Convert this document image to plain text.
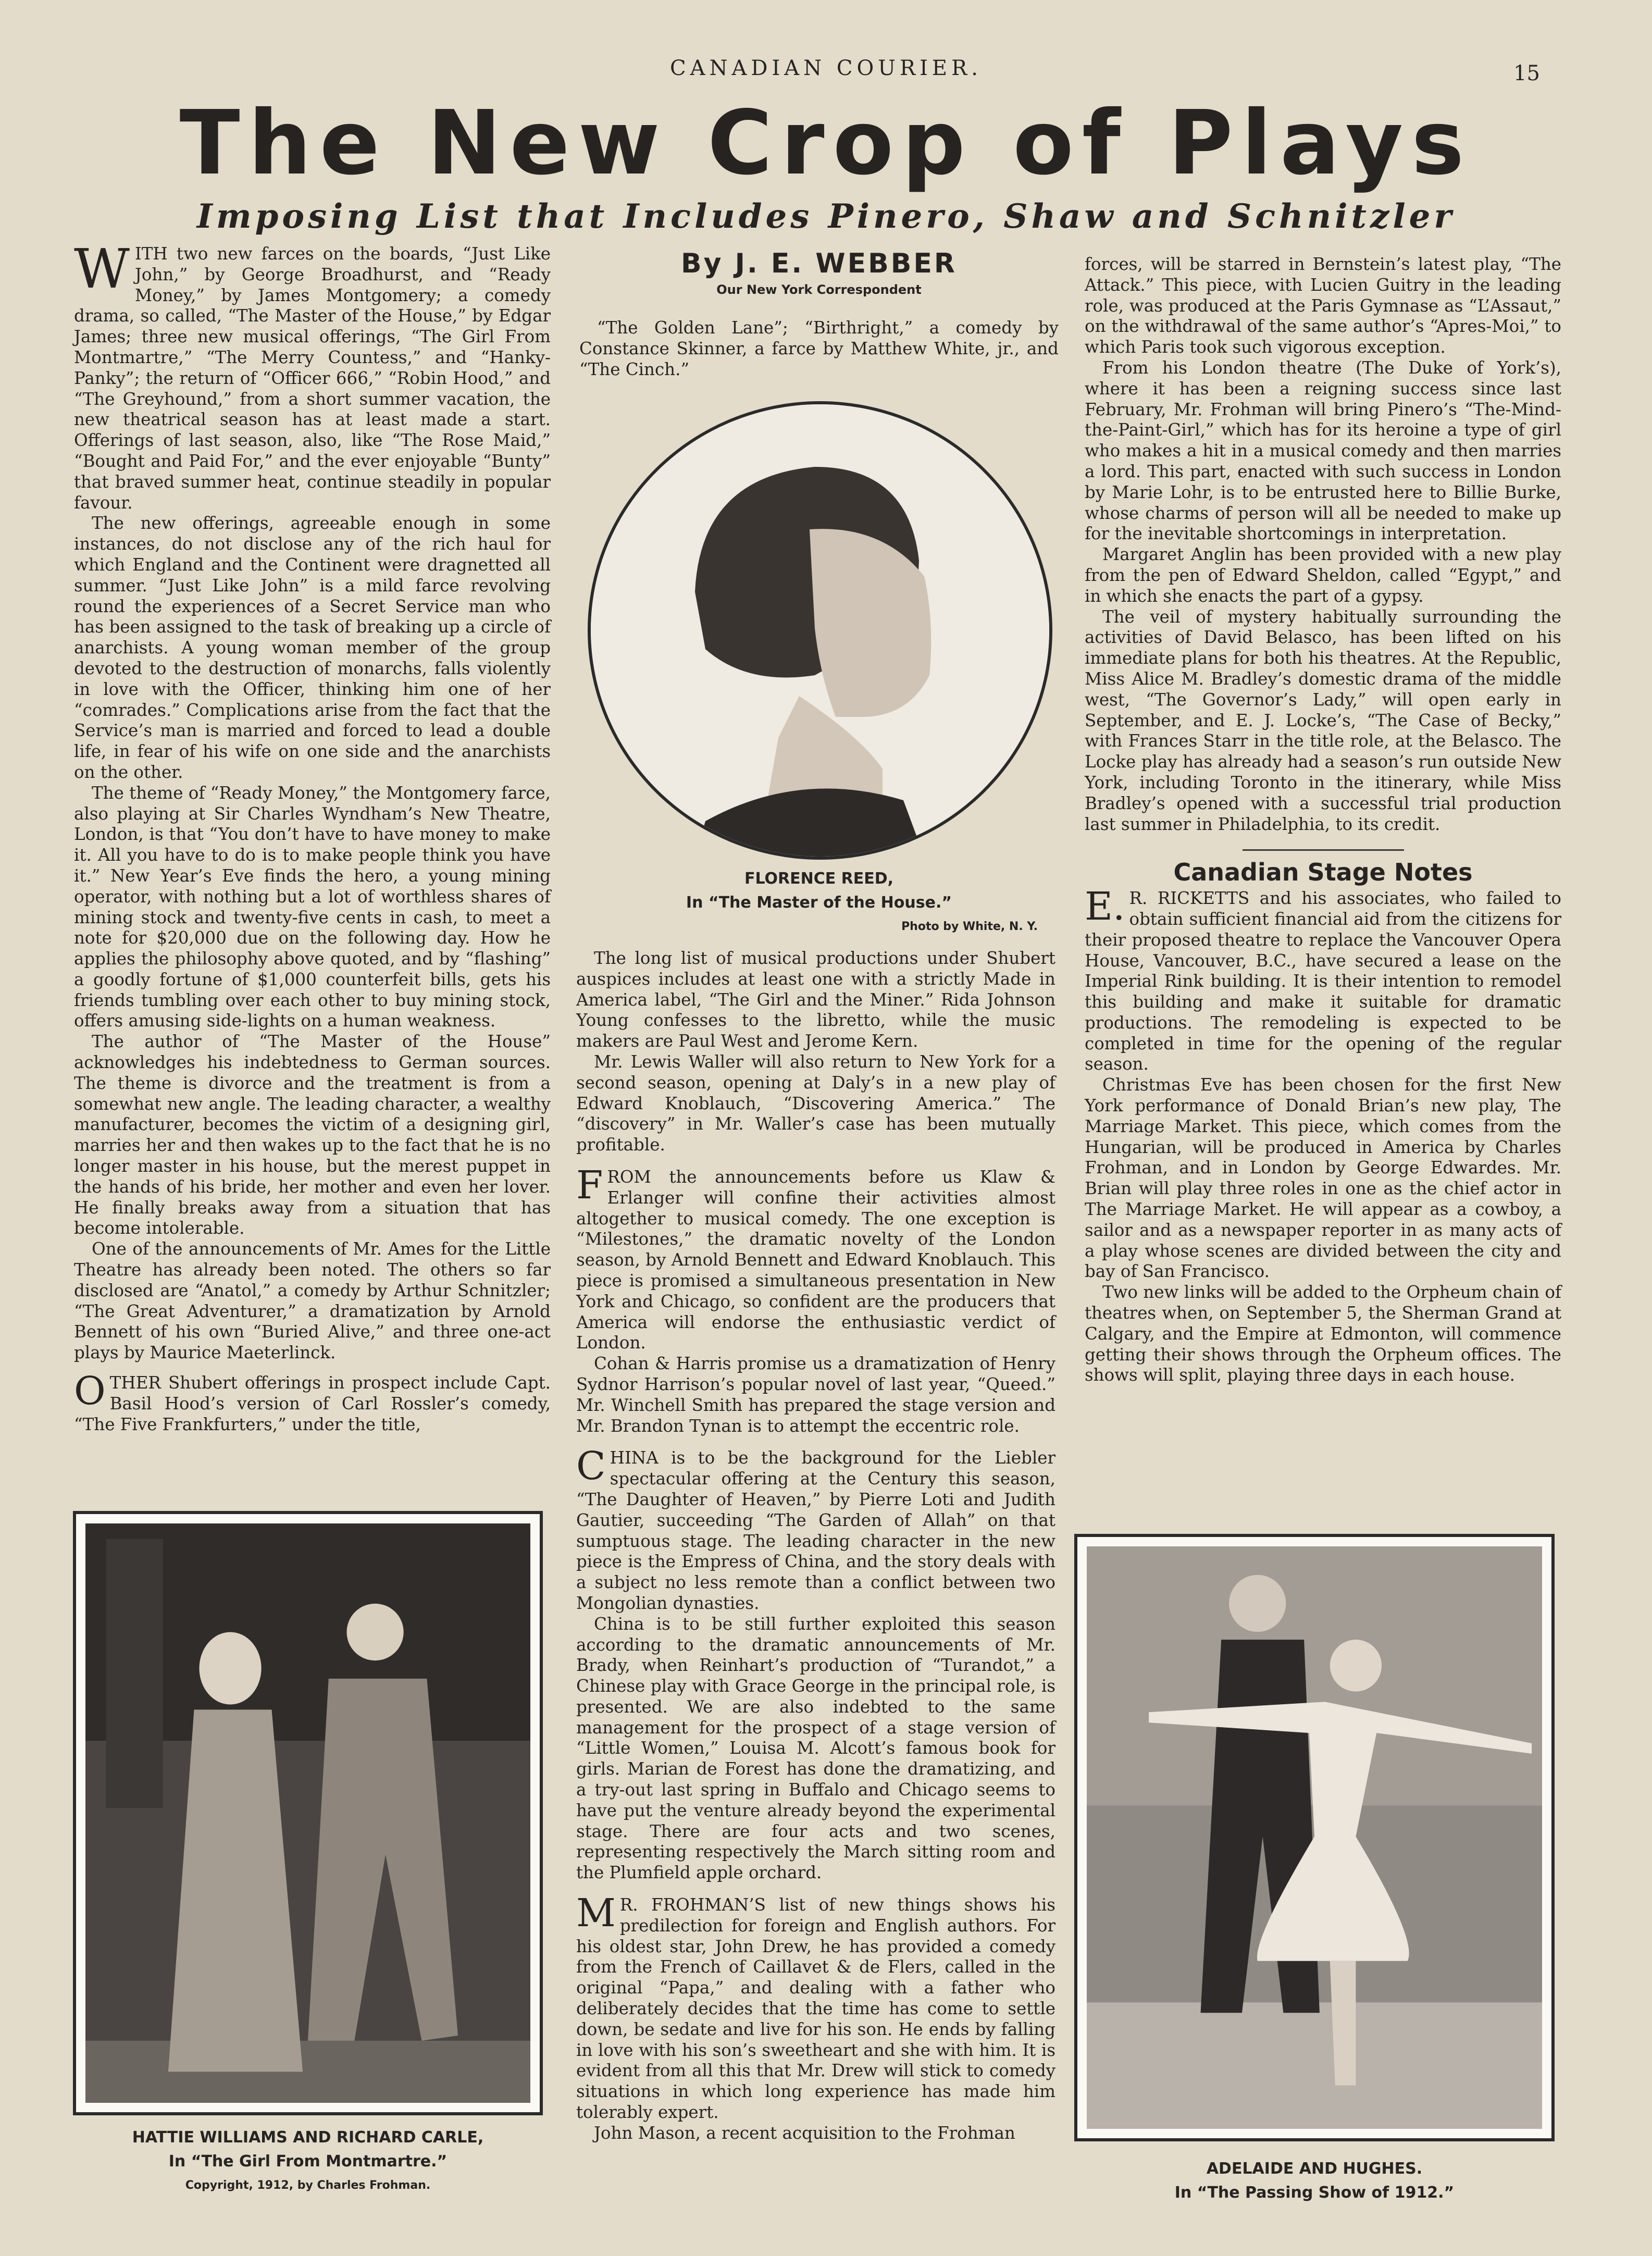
CANADIAN COURIER.	15
The New Crop of Plays
Imposing List that Includes Pinero, Shaw and Schnitzler

WITH two new farces on the boards, “Just Like John,” by George Broadhurst, and “Ready Money,” by James Montgomery; a comedy drama, so called, “The Master of the House,” by Edgar James; three new musical offerings, “The Girl From Montmartre,” “The Merry Countess,” and “Hanky-Panky”; the return of “Officer 666,” “Robin Hood,” and “The Greyhound,” from a short summer vacation, the new theatrical season has at least made a start. Offerings of last season, also, like “The Rose Maid,” “Bought and Paid For,” and the ever enjoyable “Bunty” that braved summer heat, continue steadily in popular favour.

The new offerings, agreeable enough in some instances, do not disclose any of the rich haul for which England and the Continent were dragnetted all summer. “Just Like John” is a mild farce revolving round the experiences of a Secret Service man who has been assigned to the task of breaking up a circle of anarchists. A young woman member of the group devoted to the destruction of monarchs, falls violently in love with the Officer, thinking him one of her “comrades.” Complications arise from the fact that the Service’s man is married and forced to lead a double life, in fear of his wife on one side and the anarchists on the other.

The theme of “Ready Money,” the Montgomery farce, also playing at Sir Charles Wyndham’s New Theatre, London, is that “You don’t have to have money to make it. All you have to do is to make people think you have it.” New Year’s Eve finds the hero, a young mining operator, with nothing but a lot of worthless shares of mining stock and twenty-five cents in cash, to meet a note for $20,000 due on the following day. How he applies the philosophy above quoted, and by “flashing” a goodly fortune of $1,000 counterfeit bills, gets his friends tumbling over each other to buy mining stock, offers amusing side-lights on a human weakness.

The author of “The Master of the House” acknowledges his indebtedness to German sources. The theme is divorce and the treatment is from a somewhat new angle. The leading character, a wealthy manufacturer, becomes the victim of a designing girl, marries her and then wakes up to the fact that he is no longer master in his house, but the merest puppet in the hands of his bride, her mother and even her lover. He finally breaks away from a situation that has become intolerable.

One of the announcements of Mr. Ames for the Little Theatre has already been noted. The others so far disclosed are “Anatol,” a comedy by Arthur Schnitzler; “The Great Adventurer,” a dramatization by Arnold Bennett of his own “Buried Alive,” and three one-act plays by Maurice Maeterlinck.

OTHER Shubert offerings in prospect include Capt. Basil Hood’s version of Carl Rossler’s comedy, “The Five Frankfurters,” under the title,

HATTIE WILLIAMS AND RICHARD CARLE,
In “The Girl From Montmartre.”
Copyright, 1912, by Charles Frohman.
By J. E. WEBBER
Our New York Correspondent

“The Golden Lane”; “Birthright,” a comedy by Constance Skinner, a farce by Matthew White, jr., and “The Cinch.”

FLORENCE REED,
In “The Master of the House.”
Photo by White, N. Y.

The long list of musical productions under Shubert auspices includes at least one with a strictly Made in America label, “The Girl and the Miner.” Rida Johnson Young confesses to the libretto, while the music makers are Paul West and Jerome Kern.

Mr. Lewis Waller will also return to New York for a second season, opening at Daly’s in a new play of Edward Knoblauch, “Discovering America.” The “discovery” in Mr. Waller’s case has been mutually profitable.

FROM the announcements before us Klaw & Erlanger will confine their activities almost altogether to musical comedy. The one exception is “Milestones,” the dramatic novelty of the London season, by Arnold Bennett and Edward Knoblauch. This piece is promised a simultaneous presentation in New York and Chicago, so confident are the producers that America will endorse the enthusiastic verdict of London.

Cohan & Harris promise us a dramatization of Henry Sydnor Harrison’s popular novel of last year, “Queed.” Mr. Winchell Smith has prepared the stage version and Mr. Brandon Tynan is to attempt the eccentric role.

CHINA is to be the background for the Liebler spectacular offering at the Century this season, “The Daughter of Heaven,” by Pierre Loti and Judith Gautier, succeeding “The Garden of Allah” on that sumptuous stage. The leading character in the new piece is the Empress of China, and the story deals with a subject no less remote than a conflict between two Mongolian dynasties.

China is to be still further exploited this season according to the dramatic announcements of Mr. Brady, when Reinhart’s production of “Turandot,” a Chinese play with Grace George in the principal role, is presented. We are also indebted to the same management for the prospect of a stage version of “Little Women,” Louisa M. Alcott’s famous book for girls. Marian de Forest has done the dramatizing, and a try-out last spring in Buffalo and Chicago seems to have put the venture already beyond the experimental stage. There are four acts and two scenes, representing respectively the March sitting room and the Plumfield apple orchard.

M R. FROHMAN’S list of new things shows his predilection for foreign and English authors. For his oldest star, John Drew, he has provided a comedy from the French of Caillavet & de Flers, called in the original “Papa,” and dealing with a father who deliberately decides that the time has come to settle down, be sedate and live for his son. He ends by falling in love with his son’s sweetheart and she with him. It is evident from all this that Mr. Drew will stick to comedy situations in which long experience has made him tolerably expert.

John Mason, a recent acquisition to the Frohman

forces, will be starred in Bernstein’s latest play, “The Attack.” This piece, with Lucien Guitry in the leading role, was produced at the Paris Gymnase as “L’Assaut,” on the withdrawal of the same author’s “Apres-Moi,” to which Paris took such vigorous exception.

From his London theatre (The Duke of York’s), where it has been a reigning success since last February, Mr. Frohman will bring Pinero’s “The-Mind-the-Paint-Girl,” which has for its heroine a type of girl who makes a hit in a musical comedy and then marries a lord. This part, enacted with such success in London by Marie Lohr, is to be entrusted here to Billie Burke, whose charms of person will all be needed to make up for the inevitable shortcomings in interpretation.

Margaret Anglin has been provided with a new play from the pen of Edward Sheldon, called “Egypt,” and in which she enacts the part of a gypsy.

The veil of mystery habitually surrounding the activities of David Belasco, has been lifted on his immediate plans for both his theatres. At the Republic, Miss Alice M. Bradley’s domestic drama of the middle west, “The Governor’s Lady,” will open early in September, and E. J. Locke’s, “The Case of Becky,” with Frances Starr in the title role, at the Belasco. The Locke play has already had a season’s run outside New York, including Toronto in the itinerary, while Miss Bradley’s opened with a successful trial production last summer in Philadelphia, to its credit.

Canadian Stage Notes

E. R. RICKETTS and his associates, who failed to obtain sufficient financial aid from the citizens for their proposed theatre to replace the Vancouver Opera House, Vancouver, B.C., have secured a lease on the Imperial Rink building. It is their intention to remodel this building and make it suitable for dramatic productions. The remodeling is expected to be completed in time for the opening of the regular season.

Christmas Eve has been chosen for the first New York performance of Donald Brian’s new play, The Marriage Market. This piece, which comes from the Hungarian, will be produced in America by Charles Frohman, and in London by George Edwardes. Mr. Brian will play three roles in one as the chief actor in The Marriage Market. He will appear as a cowboy, a sailor and as a newspaper reporter in as many acts of a play whose scenes are divided between the city and bay of San Francisco.

Two new links will be added to the Orpheum chain of theatres when, on September 5, the Sherman Grand at Calgary, and the Empire at Edmonton, will commence getting their shows through the Orpheum offices. The shows will split, playing three days in each house.

ADELAIDE AND HUGHES.
In “The Passing Show of 1912.”
